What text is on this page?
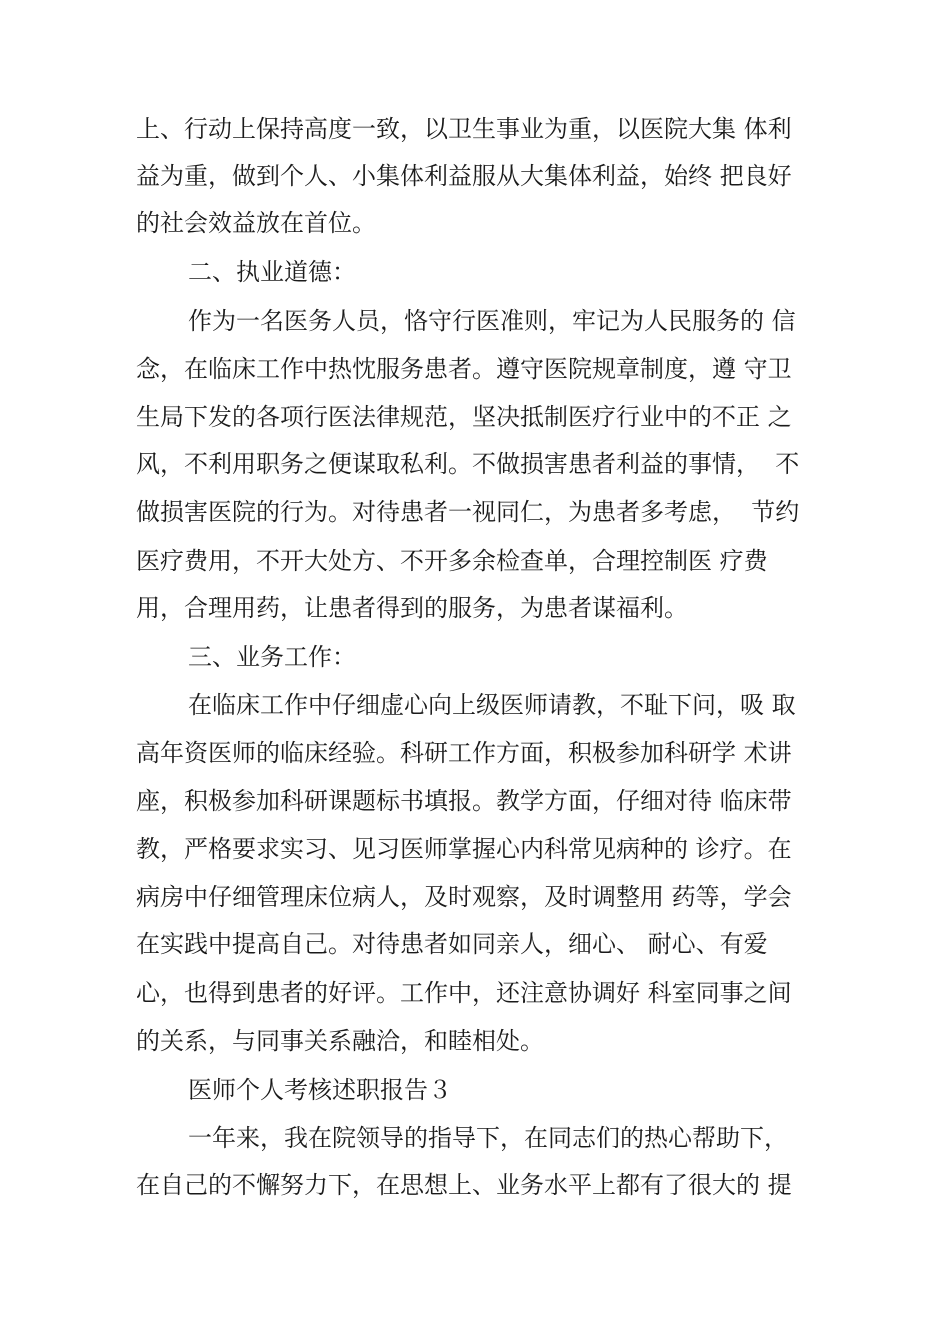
上、行动上保持高度一致，以卫生事业为重，以医院大集 体利

益为重，做到个人、小集体利益服从大集体利益，始终 把良好

的社会效益放在首位。

二、执业道德：

作为一名医务人员，恪守行医准则，牢记为人民服务的 信

念，在临床工作中热忱服务患者。遵守医院规章制度，遵 守卫

生局下发的各项行医法律规范，坚决抵制医疗行业中的不正 之

风，不利用职务之便谋取私利。不做损害患者利益的事情，  不

做损害医院的行为。对待患者一视同仁，为患者多考虑，  节约

医疗费用，不开大处方、不开多余检查单，合理控制医 疗费

用，合理用药，让患者得到的服务，为患者谋福利。

三、业务工作：

在临床工作中仔细虚心向上级医师请教，不耻下问，吸 取

高年资医师的临床经验。科研工作方面，积极参加科研学 术讲

座，积极参加科研课题标书填报。教学方面，仔细对待 临床带

教，严格要求实习、见习医师掌握心内科常见病种的 诊疗。在

病房中仔细管理床位病人，及时观察，及时调整用 药等，学会

在实践中提高自己。对待患者如同亲人，细心、 耐心、有爱

心，也得到患者的好评。工作中，还注意协调好 科室同事之间

的关系，与同事关系融洽，和睦相处。

医师个人考核述职报告３

一年来，我在院领导的指导下，在同志们的热心帮助下，

在自己的不懈努力下，在思想上、业务水平上都有了很大的 提
